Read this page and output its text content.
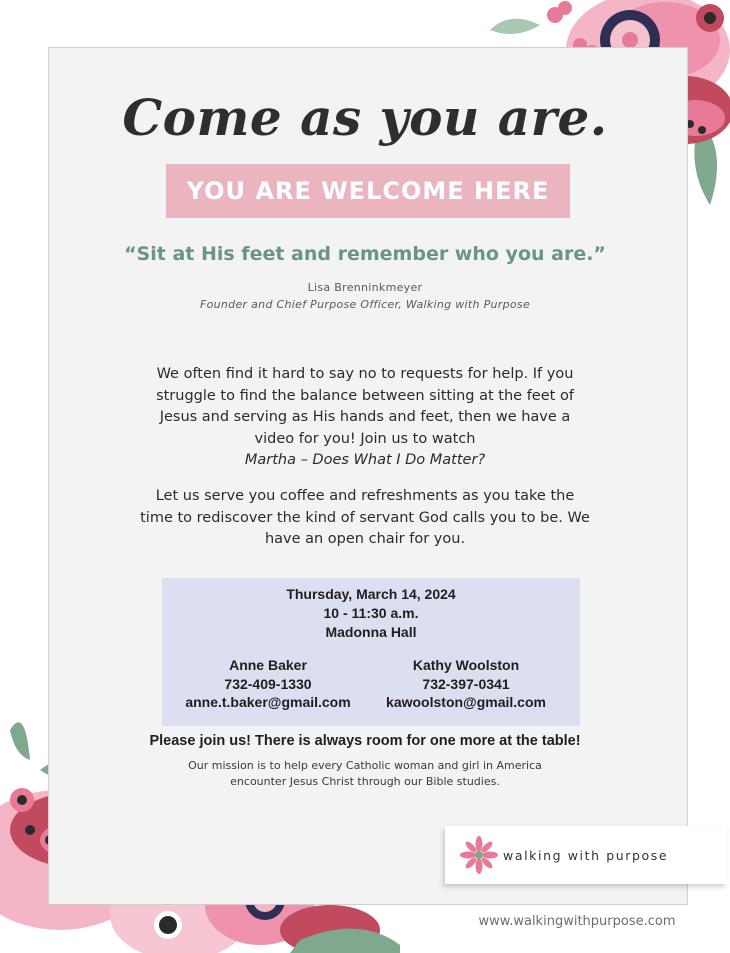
Come as you are.
YOU ARE WELCOME HERE
“Sit at His feet and remember who you are.”
Lisa Brenninkmeyer
Founder and Chief Purpose Officer, Walking with Purpose
We often find it hard to say no to requests for help. If you struggle to find the balance between sitting at the feet of Jesus and serving as His hands and feet, then we have a video for you! Join us to watch
Martha – Does What I Do Matter?
Let us serve you coffee and refreshments as you take the time to rediscover the kind of servant God calls you to be. We have an open chair for you.
Thursday, March 14, 2024
10 - 11:30 a.m.
Madonna Hall
Anne Baker
732-409-1330
anne.t.baker@gmail.com
Kathy Woolston
732-397-0341
kawoolston@gmail.com
Please join us! There is always room for one more at the table!
Our mission is to help every Catholic woman and girl in America encounter Jesus Christ through our Bible studies.
walking with purpose
www.walkingwithpurpose.com
